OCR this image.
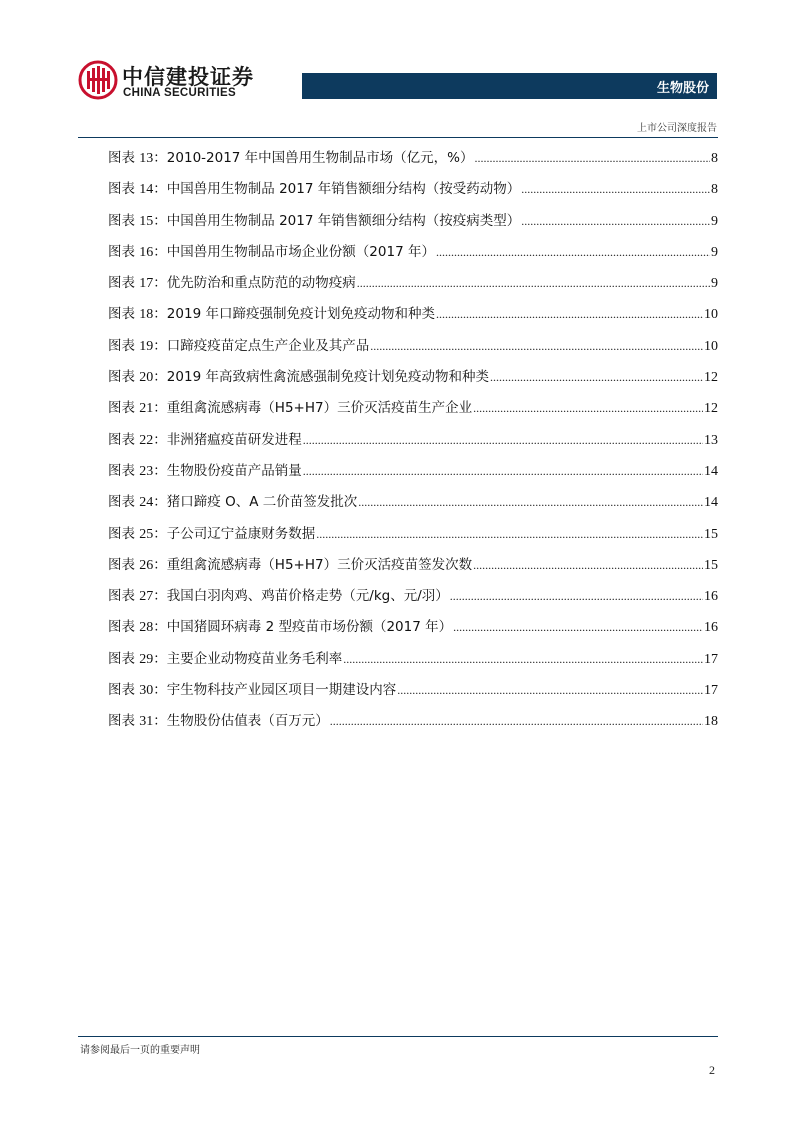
中信建投证券
CHINA SECURITIES	生物股份
上市公司深度报告
图表 13： 2010-2017 年中国兽用生物制品市场（亿元，%） .....	8
图表 14： 中国兽用生物制品 2017 年销售额细分结构（按受药动物） .....	8
图表 15： 中国兽用生物制品 2017 年销售额细分结构（按疫病类型） .....	9
图表 16： 中国兽用生物制品市场企业份额（2017 年） .....	9
图表 17： 优先防治和重点防范的动物疫病 .....	9
图表 18： 2019 年口蹄疫强制免疫计划免疫动物和种类 .....	10
图表 19： 口蹄疫疫苗定点生产企业及其产品 .....	10
图表 20： 2019 年高致病性禽流感强制免疫计划免疫动物和种类 .....	12
图表 21： 重组禽流感病毒（H5+H7）三价灭活疫苗生产企业 .....	12
图表 22： 非洲猪瘟疫苗研发进程 .....	13
图表 23： 生物股份疫苗产品销量 .....	14
图表 24： 猪口蹄疫 O、A 二价苗签发批次 .....	14
图表 25： 子公司辽宁益康财务数据 .....	15
图表 26： 重组禽流感病毒（H5+H7）三价灭活疫苗签发次数 .....	15
图表 27： 我国白羽肉鸡、鸡苗价格走势（元/kg、元/羽） .....	16
图表 28： 中国猪圆环病毒 2 型疫苗市场份额（2017 年） .....	16
图表 29： 主要企业动物疫苗业务毛利率 .....	17
图表 30： 宇生物科技产业园区项目一期建设内容 .....	17
图表 31： 生物股份估值表（百万元） .....	18
请参阅最后一页的重要声明
2
